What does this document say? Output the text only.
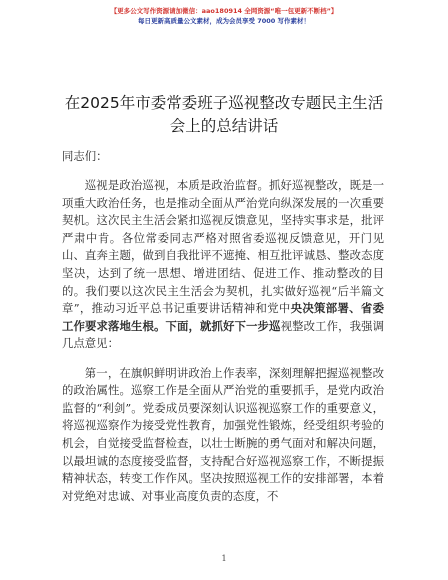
【更多公文写作资源请加微信：aao180914 全网资源“唯一包更新不断档”】
每日更新高质量公文素材，成为会员享受 7000 写作素材！
在2025年市委常委班子巡视整改专题民主生活
会上的总结讲话

同志们：

巡视是政治巡视，本质是政治监督。抓好巡视整改，既是一项重大政治任务，也是推动全面从严治党向纵深发展的一次重要契机。这次民主生活会紧扣巡视反馈意见，坚持实事求是，批评严肃中肯。各位常委同志严格对照省委巡视反馈意见，开门见山、直奔主题，做到自我批评不遮掩、相互批评诚恳、整改态度坚决，达到了统一思想、增进团结、促进工作、推动整改的目的。我们要以这次民主生活会为契机，扎实做好巡视“后半篇文章”，推动习近平总书记重要讲话精神和党中央决策部署、省委工作要求落地生根。下面，就抓好下一步巡视整改工作，我强调几点意见：

第一，在旗帜鲜明讲政治上作表率，深刻理解把握巡视整改的政治属性。巡察工作是全面从严治党的重要抓手，是党内政治监督的“利剑”。党委成员要深刻认识巡视巡察工作的重要意义，将巡视巡察作为接受党性教育，加强党性锻炼，经受组织考验的机会，自觉接受监督检查，以壮士断腕的勇气面对和解决问题，以最坦诚的态度接受监督，支持配合好巡视巡察工作，不断提振精神状态，转变工作作风。坚决按照巡视工作的安排部署，本着对党绝对忠诚、对事业高度负责的态度，不

1
